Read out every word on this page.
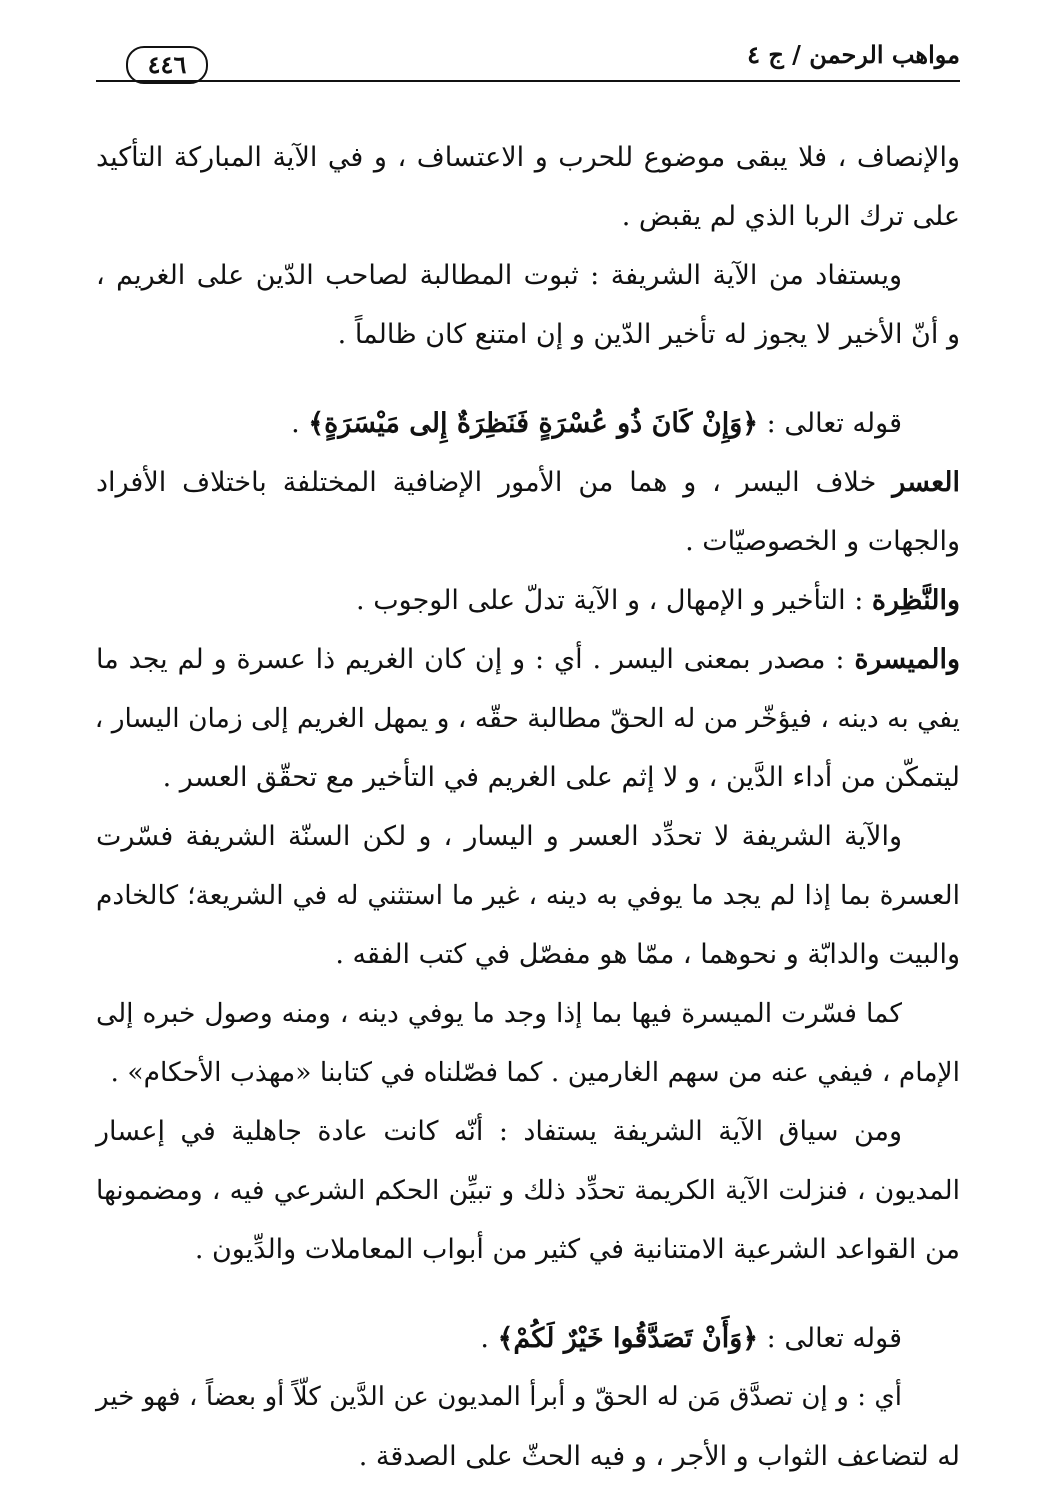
مواهب الرحمن / ج ٤
٤٤٦
والإنصاف ، فلا يبقى موضوع للحرب و الاعتساف ، و في الآية المباركة التأكيد
على ترك الربا الذي لم يقبض .
ويستفاد من الآية الشريفة : ثبوت المطالبة لصاحب الدّين على الغريم ،
و أنّ الأخير لا يجوز له تأخير الدّين و إن امتنع كان ظالماً .
قوله تعالى : ﴿وَإِنْ كَانَ ذُو عُسْرَةٍ فَنَظِرَةٌ إِلى مَيْسَرَةٍ﴾ .
العسر خلاف اليسر ، و هما من الأمور الإضافية المختلفة باختلاف الأفراد
والجهات و الخصوصيّات .
والنَّظِرة : التأخير و الإمهال ، و الآية تدلّ على الوجوب .
والميسرة : مصدر بمعنى اليسر . أي : و إن كان الغريم ذا عسرة و لم يجد ما
يفي به دينه ، فيؤخّر من له الحقّ مطالبة حقّه ، و يمهل الغريم إلى زمان اليسار ،
ليتمكّن من أداء الدَّين ، و لا إثم على الغريم في التأخير مع تحقّق العسر .
والآية الشريفة لا تحدِّد العسر و اليسار ، و لكن السنّة الشريفة فسّرت
العسرة بما إذا لم يجد ما يوفي به دينه ، غير ما استثني له في الشريعة؛ كالخادم
والبيت والدابّة و نحوهما ، ممّا هو مفصّل في كتب الفقه .
كما فسّرت الميسرة فيها بما إذا وجد ما يوفي دينه ، ومنه وصول خبره إلى
الإمام ، فيفي عنه من سهم الغارمين . كما فصّلناه في كتابنا «مهذب الأحكام» .
ومن سياق الآية الشريفة يستفاد : أنّه كانت عادة جاهلية في إعسار
المديون ، فنزلت الآية الكريمة تحدِّد ذلك و تبيِّن الحكم الشرعي فيه ، ومضمونها
من القواعد الشرعية الامتنانية في كثير من أبواب المعاملات والدِّيون .
قوله تعالى : ﴿وَأَنْ تَصَدَّقُوا خَيْرٌ لَكُمْ﴾ .
أي : و إن تصدَّق مَن له الحقّ و أبرأ المديون عن الدَّين كلّاً أو بعضاً ، فهو خير
له لتضاعف الثواب و الأجر ، و فيه الحثّ على الصدقة .
